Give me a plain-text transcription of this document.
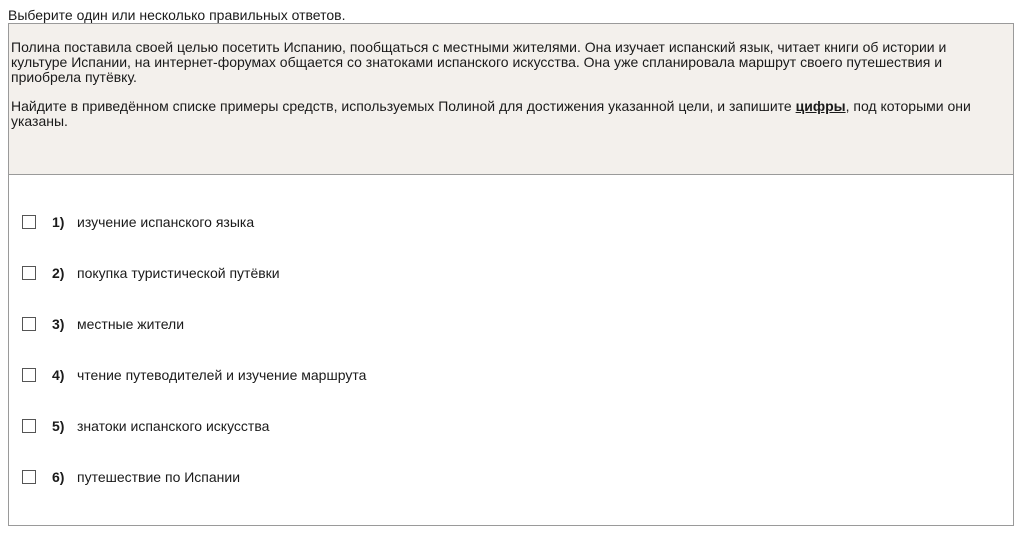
Выберите один или несколько правильных ответов.

Полина поставила своей целью посетить Испанию, пообщаться с местными жителями. Она изучает испанский язык, читает книги об истории и культуре Испании, на интернет-форумах общается со знатоками испанского искусства. Она уже спланировала маршрут своего путешествия и приобрела путёвку.

Найдите в приведённом списке примеры средств, используемых Полиной для достижения указанной цели, и запишите цифры, под которыми они указаны.

1) изучение испанского языка
2) покупка туристической путёвки
3) местные жители
4) чтение путеводителей и изучение маршрута
5) знатоки испанского искусства
6) путешествие по Испании
